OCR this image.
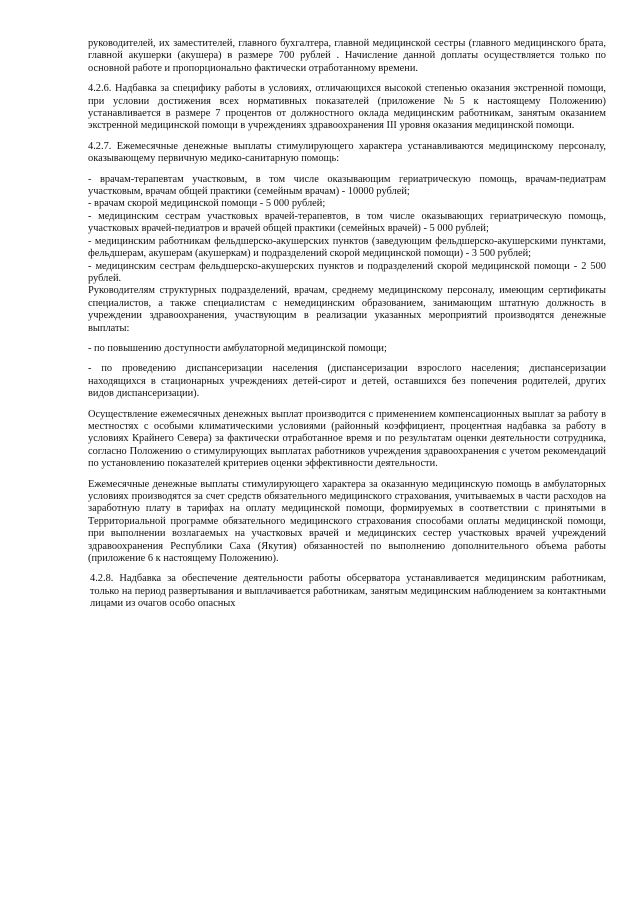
руководителей, их заместителей, главного бухгалтера, главной медицинской сестры (главного медицинского брата, главной акушерки (акушера) в размере 700 рублей . Начисление данной доплаты осуществляется только по основной работе и пропорционально фактически отработанному времени.

4.2.6. Надбавка за специфику работы в условиях, отличающихся высокой степенью оказания экстренной помощи, при условии достижения всех нормативных показателей (приложение №5 к настоящему Положению) устанавливается в размере 7 процентов от должностного оклада медицинским работникам, занятым оказанием экстренной медицинской помощи в учреждениях здравоохранения III уровня оказания медицинской помощи.

4.2.7. Ежемесячные денежные выплаты стимулирующего характера устанавливаются медицинскому персоналу, оказывающему первичную медико-санитарную помощь:

- врачам-терапевтам участковым, в том числе оказывающим гериатрическую помощь, врачам-педиатрам участковым, врачам общей практики (семейным врачам) - 10000 рублей;

- врачам скорой медицинской помощи - 5 000 рублей;

- медицинским сестрам участковых врачей-терапевтов, в том числе оказывающих гериатрическую помощь, участковых врачей-педиатров и врачей общей практики (семейных врачей) - 5 000 рублей;

- медицинским работникам фельдшерско-акушерских пунктов (заведующим фельдшерско-акушерскими пунктами, фельдшерам, акушерам (акушеркам) и подразделений скорой медицинской помощи) - 3 500 рублей;

- медицинским сестрам фельдшерско-акушерских пунктов и подразделений скорой медицинской помощи - 2 500 рублей.

Руководителям структурных подразделений, врачам, среднему медицинскому персоналу, имеющим сертификаты специалистов, а также специалистам с немедицинским образованием, занимающим штатную должность в учреждении здравоохранения, участвующим в реализации указанных мероприятий производятся денежные выплаты:

- по повышению доступности амбулаторной медицинской помощи;

- по проведению диспансеризации населения (диспансеризации взрослого населения; диспансеризации находящихся в стационарных учреждениях детей-сирот и детей, оставшихся без попечения родителей, других видов диспансеризации).

Осуществление ежемесячных денежных выплат производится с применением компенсационных выплат за работу в местностях с особыми климатическими условиями (районный коэффициент, процентная надбавка за работу в условиях Крайнего Севера) за фактически отработанное время и по результатам оценки деятельности сотрудника, согласно Положению о стимулирующих выплатах работников учреждения здравоохранения с учетом рекомендаций по установлению показателей критериев оценки эффективности деятельности.

Ежемесячные денежные выплаты стимулирующего характера за оказанную медицинскую помощь в амбулаторных условиях производятся за счет средств обязательного медицинского страхования, учитываемых в части расходов на заработную плату в тарифах на оплату медицинской помощи, формируемых в соответствии с принятыми в Территориальной программе обязательного медицинского страхования способами оплаты медицинской помощи, при выполнении возлагаемых на участковых врачей и медицинских сестер участковых врачей учреждений здравоохранения Республики Саха (Якутия) обязанностей по выполнению дополнительного объема работы (приложение 6 к настоящему Положению).

4.2.8. Надбавка за обеспечение деятельности работы обсерватора устанавливается медицинским работникам, только на период развертывания и выплачивается работникам, занятым медицинским наблюдением за контактными лицами из очагов особо опасных
